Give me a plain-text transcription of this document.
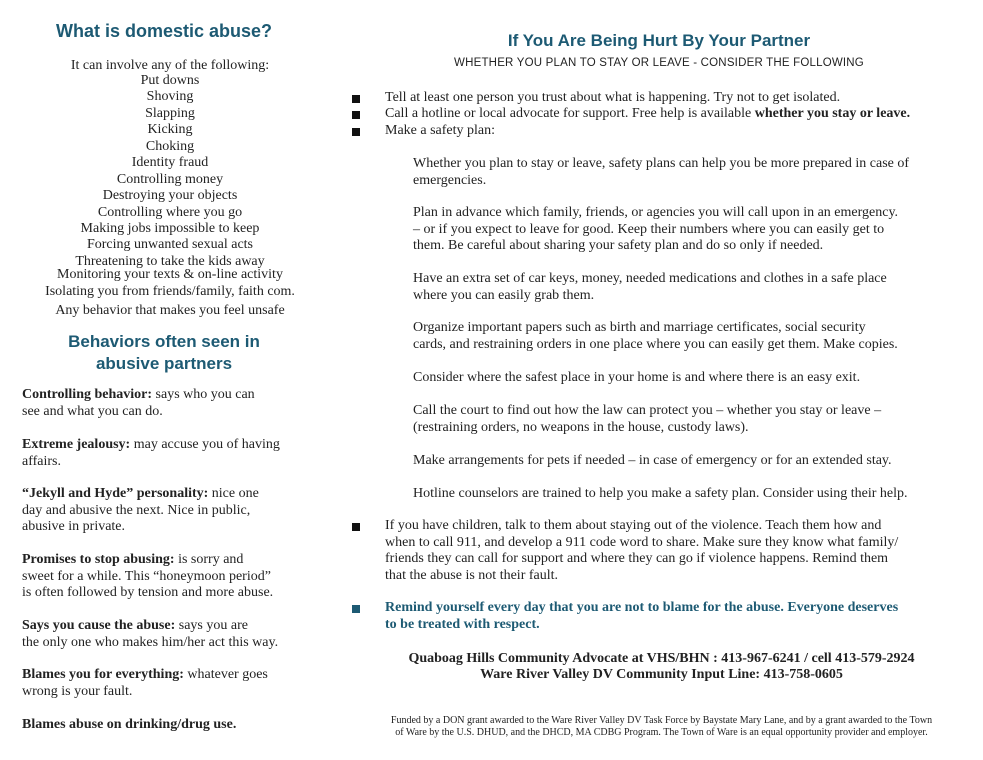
What is domestic abuse?
It can involve any of the following:
Put downs
Shoving
Slapping
Kicking
Choking
Identity fraud
Controlling money
Destroying your objects
Controlling where you go
Making jobs impossible to keep
Forcing unwanted sexual acts
Threatening to take the kids away
Monitoring your texts & on-line activity
Isolating you from friends/family, faith com.
Any behavior that makes you feel unsafe
Behaviors often seen in
abusive partners
Controlling behavior: says who you can
see and what you can do.
Extreme jealousy: may accuse you of having
affairs.
“Jekyll and Hyde” personality: nice one
day and abusive the next. Nice in public,
abusive in private.
Promises to stop abusing: is sorry and
sweet for a while. This “honeymoon period”
is often followed by tension and more abuse.
Says you cause the abuse: says you are
the only one who makes him/her act this way.
Blames you for everything: whatever goes
wrong is your fault.
Blames abuse on drinking/drug use.
If You Are Being Hurt By Your Partner
WHETHER YOU PLAN TO STAY OR LEAVE - CONSIDER THE FOLLOWING
Tell at least one person you trust about what is happening. Try not to get isolated.
Call a hotline or local advocate for support. Free help is available whether you stay or leave.
Make a safety plan:
Whether you plan to stay or leave, safety plans can help you be more prepared in case of
emergencies.
Plan in advance which family, friends, or agencies you will call upon in an emergency.
– or if you expect to leave for good. Keep their numbers where you can easily get to
them. Be careful about sharing your safety plan and do so only if needed.
Have an extra set of car keys, money, needed medications and clothes in a safe place
where you can easily grab them.
Organize important papers such as birth and marriage certificates, social security
cards, and restraining orders in one place where you can easily get them. Make copies.
Consider where the safest place in your home is and where there is an easy exit.
Call the court to find out how the law can protect you – whether you stay or leave –
(restraining orders, no weapons in the house, custody laws).
Make arrangements for pets if needed – in case of emergency or for an extended stay.
Hotline counselors are trained to help you make a safety plan. Consider using their help.
If you have children, talk to them about staying out of the violence. Teach them how and
when to call 911, and develop a 911 code word to share. Make sure they know what family/
friends they can call for support and where they can go if violence happens. Remind them
that the abuse is not their fault.
Remind yourself every day that you are not to blame for the abuse. Everyone deserves
to be treated with respect.
Quaboag Hills Community Advocate at VHS/BHN : 413-967-6241 / cell 413-579-2924
Ware River Valley DV Community Input Line: 413-758-0605
Funded by a DON grant awarded to the Ware River Valley DV Task Force by Baystate Mary Lane, and by a grant awarded to the Town
of Ware by the U.S. DHUD, and the DHCD, MA CDBG Program. The Town of Ware is an equal opportunity provider and employer.
